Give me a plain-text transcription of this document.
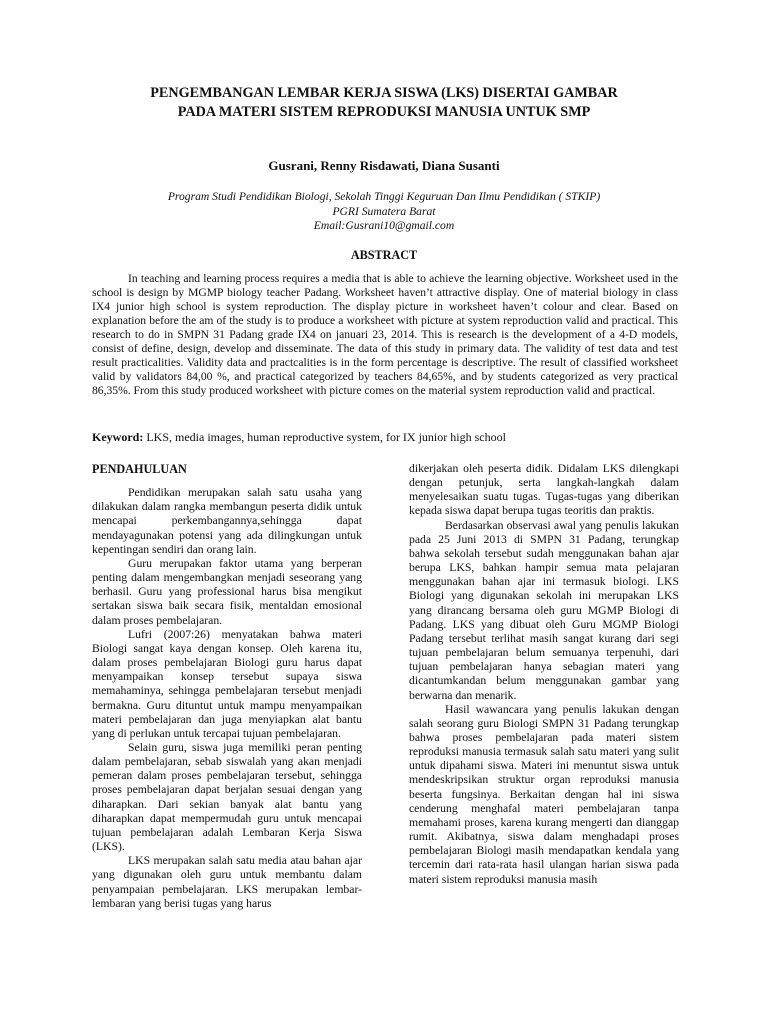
PENGEMBANGAN LEMBAR KERJA SISWA (LKS) DISERTAI GAMBAR
PADA MATERI SISTEM REPRODUKSI MANUSIA UNTUK SMP
Gusrani, Renny Risdawati, Diana Susanti
Program Studi Pendidikan Biologi, Sekolah Tinggi Keguruan Dan Ilmu Pendidikan ( STKIP)
PGRI Sumatera Barat
Email:Gusrani10@gmail.com
ABSTRACT

In teaching and learning process requires a media that is able to achieve the learning objective. Worksheet used in the school is design by MGMP biology teacher Padang. Worksheet haven’t attractive display. One of material biology in class IX4 junior high school is system reproduction. The display picture in worksheet haven’t colour and clear. Based on explanation before the am of the study is to produce a worksheet with picture at system reproduction valid and practical. This research to do in SMPN 31 Padang grade IX4 on januari 23, 2014. This is research is the development of a 4-D models, consist of define, design, develop and disseminate. The data of this study in primary data. The validity of test data and test result practicalities. Validity data and practcalities is in the form percentage is descriptive. The result of classified worksheet valid by validators 84,00 %, and practical categorized by teachers 84,65%, and by students categorized as very practical 86,35%. From this study produced worksheet with picture comes on the material system reproduction valid and practical.

Keyword: LKS, media images, human reproductive system, for IX junior high school
PENDAHULUAN

Pendidikan merupakan salah satu usaha yang dilakukan dalam rangka membangun peserta didik untuk mencapai perkembangannya,sehingga dapat mendayagunakan potensi yang ada dilingkungan untuk kepentingan sendiri dan orang lain.

Guru merupakan faktor utama yang berperan penting dalam mengembangkan menjadi seseorang yang berhasil. Guru yang professional harus bisa mengikut sertakan siswa baik secara fisik, mentaldan emosional dalam proses pembelajaran.

Lufri (2007:26) menyatakan bahwa materi Biologi sangat kaya dengan konsep. Oleh karena itu, dalam proses pembelajaran Biologi guru harus dapat menyampaikan konsep tersebut supaya siswa memahaminya, sehingga pembelajaran tersebut menjadi bermakna. Guru dituntut untuk mampu menyampaikan materi pembelajaran dan juga menyiapkan alat bantu yang di perlukan untuk tercapai tujuan pembelajaran.

Selain guru, siswa juga memiliki peran penting dalam pembelajaran, sebab siswalah yang akan menjadi pemeran dalam proses pembelajaran tersebut, sehingga proses pembelajaran dapat berjalan sesuai dengan yang diharapkan. Dari sekian banyak alat bantu yang diharapkan dapat mempermudah guru untuk mencapai tujuan pembelajaran adalah Lembaran Kerja Siswa (LKS).

LKS merupakan salah satu media atau bahan ajar yang digunakan oleh guru untuk membantu dalam penyampaian pembelajaran. LKS merupakan lembar-lembaran yang berisi tugas yang harus

dikerjakan oleh peserta didik. Didalam LKS dilengkapi dengan petunjuk, serta langkah-langkah dalam menyelesaikan suatu tugas. Tugas-tugas yang diberikan kepada siswa dapat berupa tugas teoritis dan praktis.

Berdasarkan observasi awal yang penulis lakukan pada 25 Juni 2013 di SMPN 31 Padang, terungkap bahwa sekolah tersebut sudah menggunakan bahan ajar berupa LKS, bahkan hampir semua mata pelajaran menggunakan bahan ajar ini termasuk biologi. LKS Biologi yang digunakan sekolah ini merupakan LKS yang dirancang bersama oleh guru MGMP Biologi di Padang. LKS yang dibuat oleh Guru MGMP Biologi Padang tersebut terlihat masih sangat kurang dari segi tujuan pembelajaran belum semuanya terpenuhi, dari tujuan pembelajaran hanya sebagian materi yang dicantumkandan belum menggunakan gambar yang berwarna dan menarik.

Hasil wawancara yang penulis lakukan dengan salah seorang guru Biologi SMPN 31 Padang terungkap bahwa proses pembelajaran pada materi sistem reproduksi manusia termasuk salah satu materi yang sulit untuk dipahami siswa. Materi ini menuntut siswa untuk mendeskripsikan struktur organ reproduksi manusia beserta fungsinya. Berkaitan dengan hal ini siswa cenderung menghafal materi pembelajaran tanpa memahami proses, karena kurang mengerti dan dianggap rumit. Akibatnya, siswa dalam menghadapi proses pembelajaran Biologi masih mendapatkan kendala yang tercemin dari rata-rata hasil ulangan harian siswa pada materi sistem reproduksi manusia masih
